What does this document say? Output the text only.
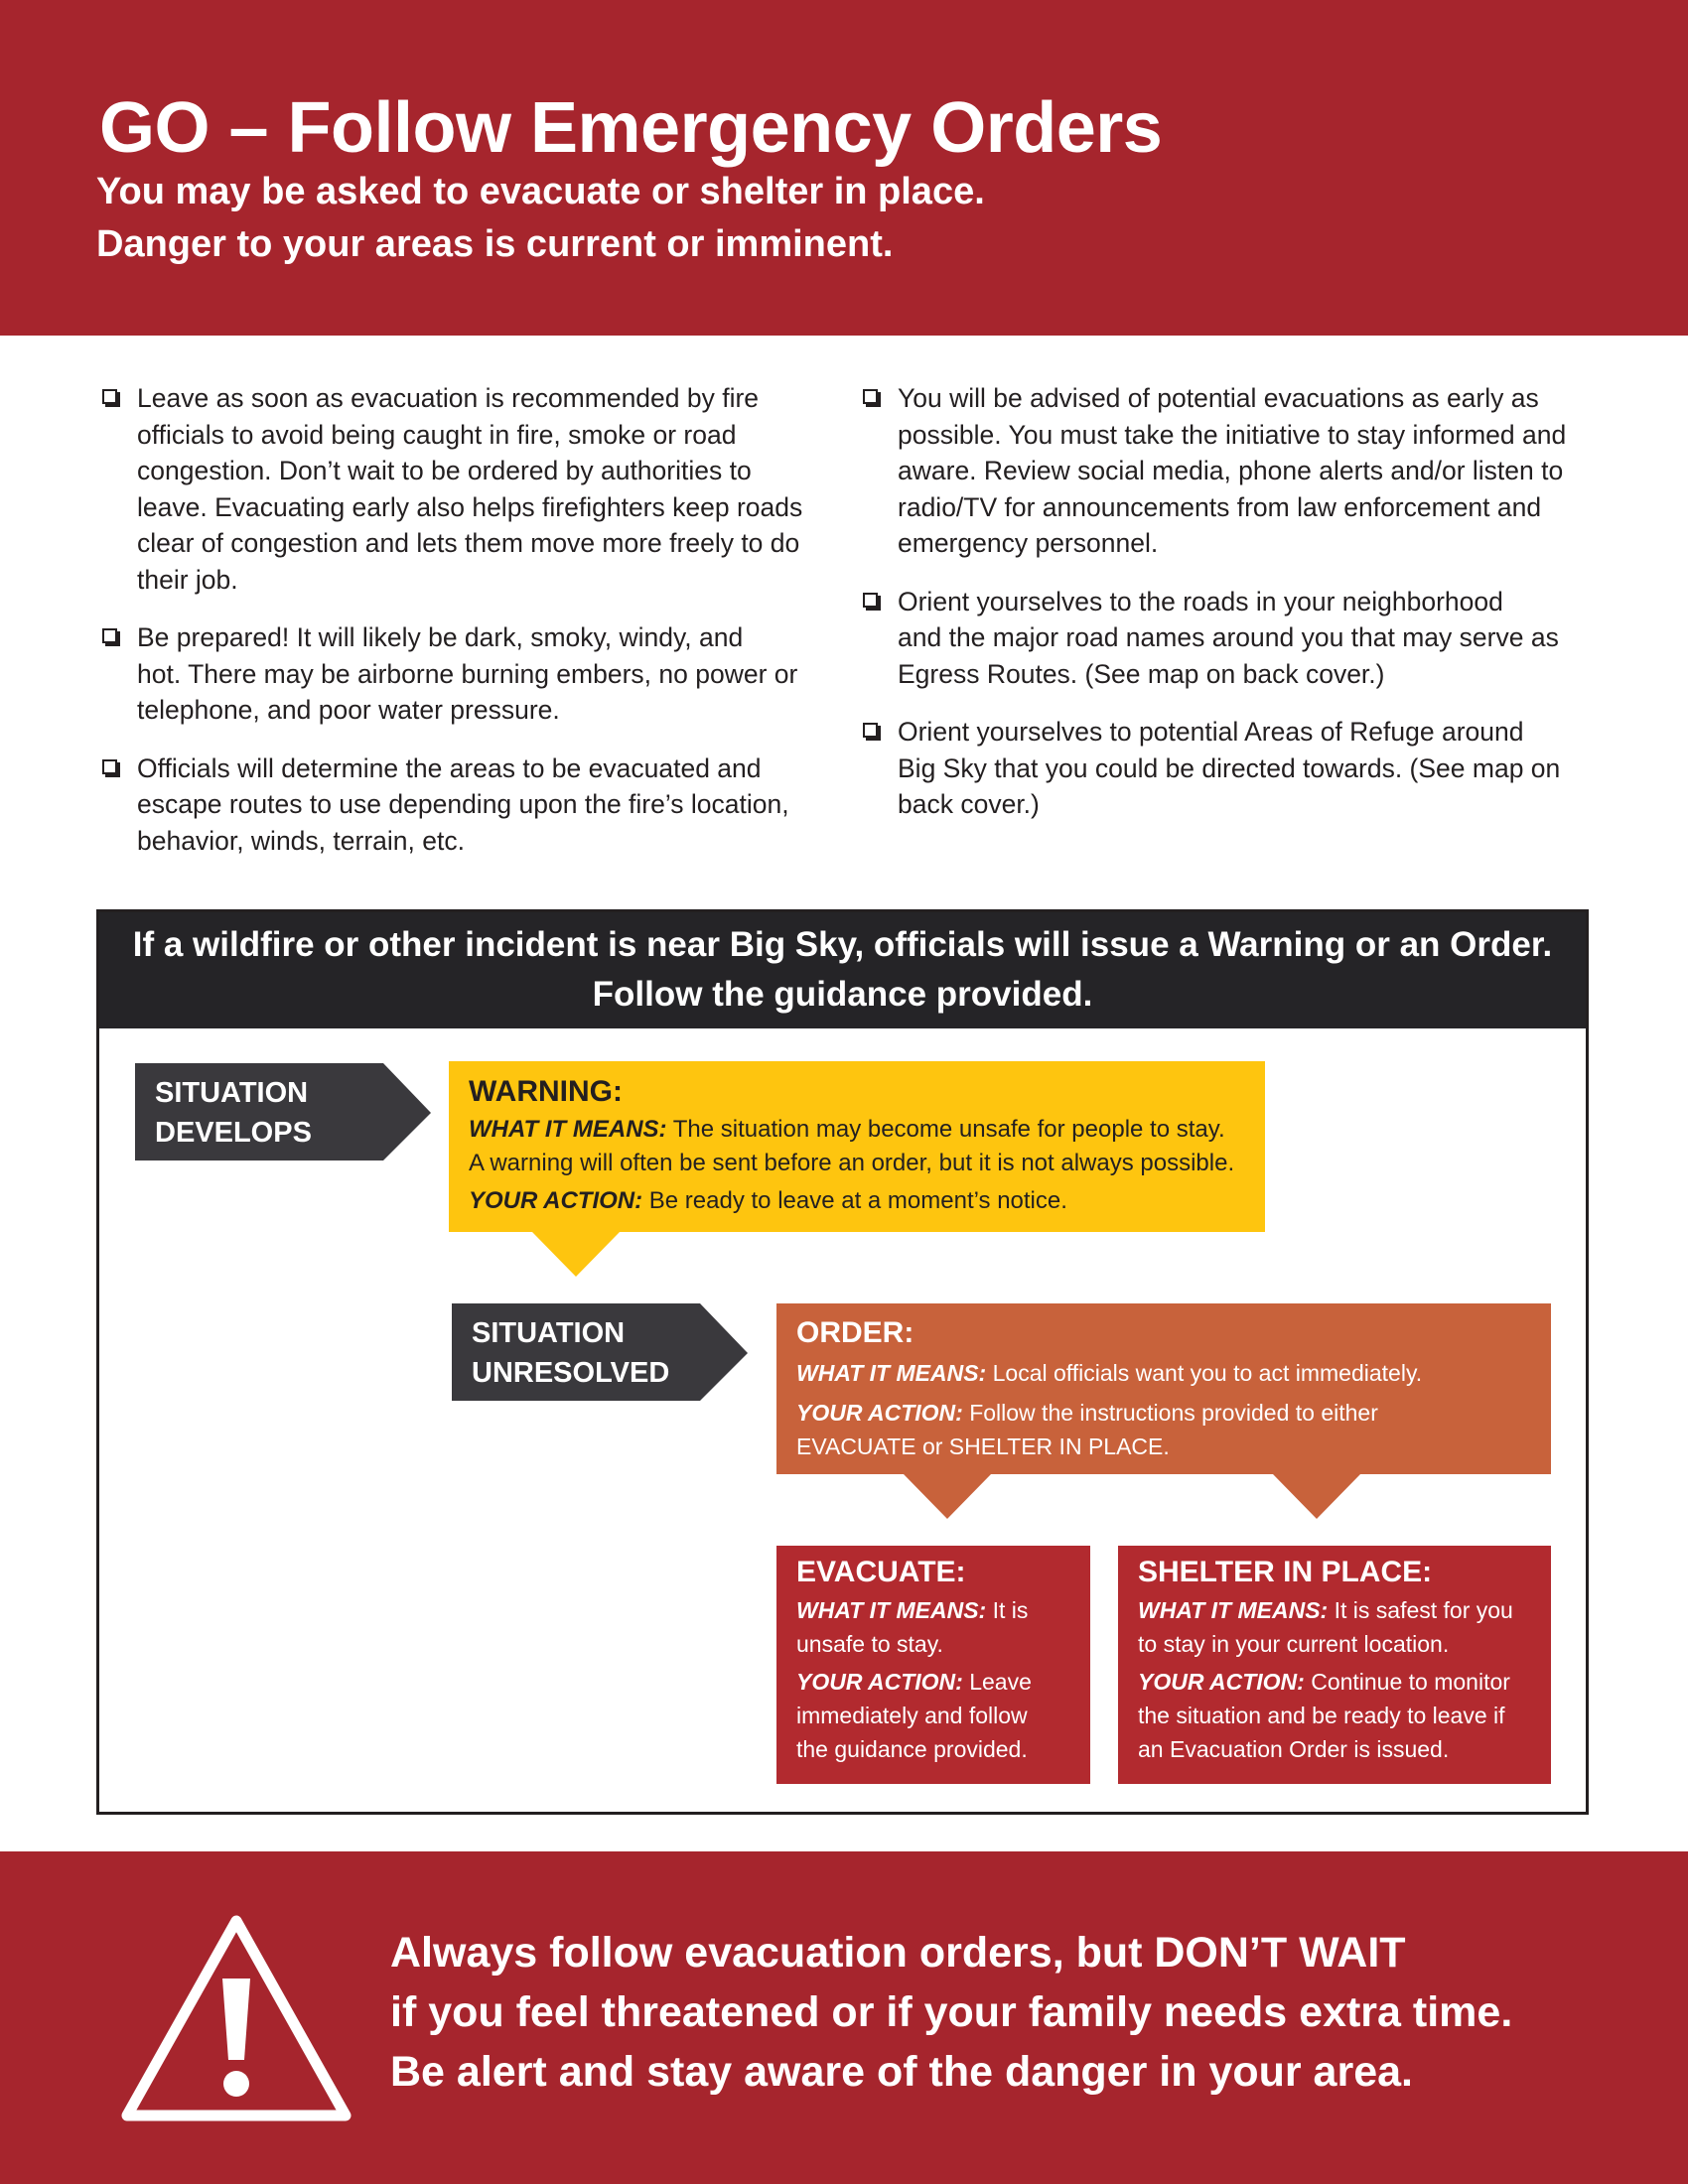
GO – Follow Emergency Orders
You may be asked to evacuate or shelter in place.
Danger to your areas is current or imminent.
Leave as soon as evacuation is recommended by fire
officials to avoid being caught in fire, smoke or road
congestion. Don’t wait to be ordered by authorities to
leave. Evacuating early also helps firefighters keep roads
clear of congestion and lets them move more freely to do
their job.
Be prepared! It will likely be dark, smoky, windy, and
hot. There may be airborne burning embers, no power or
telephone, and poor water pressure.
Officials will determine the areas to be evacuated and
escape routes to use depending upon the fire’s location,
behavior, winds, terrain, etc.
You will be advised of potential evacuations as early as
possible. You must take the initiative to stay informed and
aware. Review social media, phone alerts and/or listen to
radio/TV for announcements from law enforcement and
emergency personnel.
Orient yourselves to the roads in your neighborhood
and the major road names around you that may serve as
Egress Routes. (See map on back cover.)
Orient yourselves to potential Areas of Refuge around
Big Sky that you could be directed towards. (See map on
back cover.)
If a wildfire or other incident is near Big Sky, officials will issue a Warning or an Order.
Follow the guidance provided.
SITUATION
DEVELOPS
WARNING:
WHAT IT MEANS: The situation may become unsafe for people to stay.
A warning will often be sent before an order, but it is not always possible.
YOUR ACTION: Be ready to leave at a moment’s notice.
SITUATION
UNRESOLVED
ORDER:
WHAT IT MEANS: Local officials want you to act immediately.
YOUR ACTION: Follow the instructions provided to either
EVACUATE or SHELTER IN PLACE.
EVACUATE:
WHAT IT MEANS: It is
unsafe to stay.
YOUR ACTION: Leave
immediately and follow
the guidance provided.
SHELTER IN PLACE:
WHAT IT MEANS: It is safest for you
to stay in your current location.
YOUR ACTION: Continue to monitor
the situation and be ready to leave if
an Evacuation Order is issued.
Always follow evacuation orders, but DON’T WAIT
if you feel threatened or if your family needs extra time.
Be alert and stay aware of the danger in your area.
